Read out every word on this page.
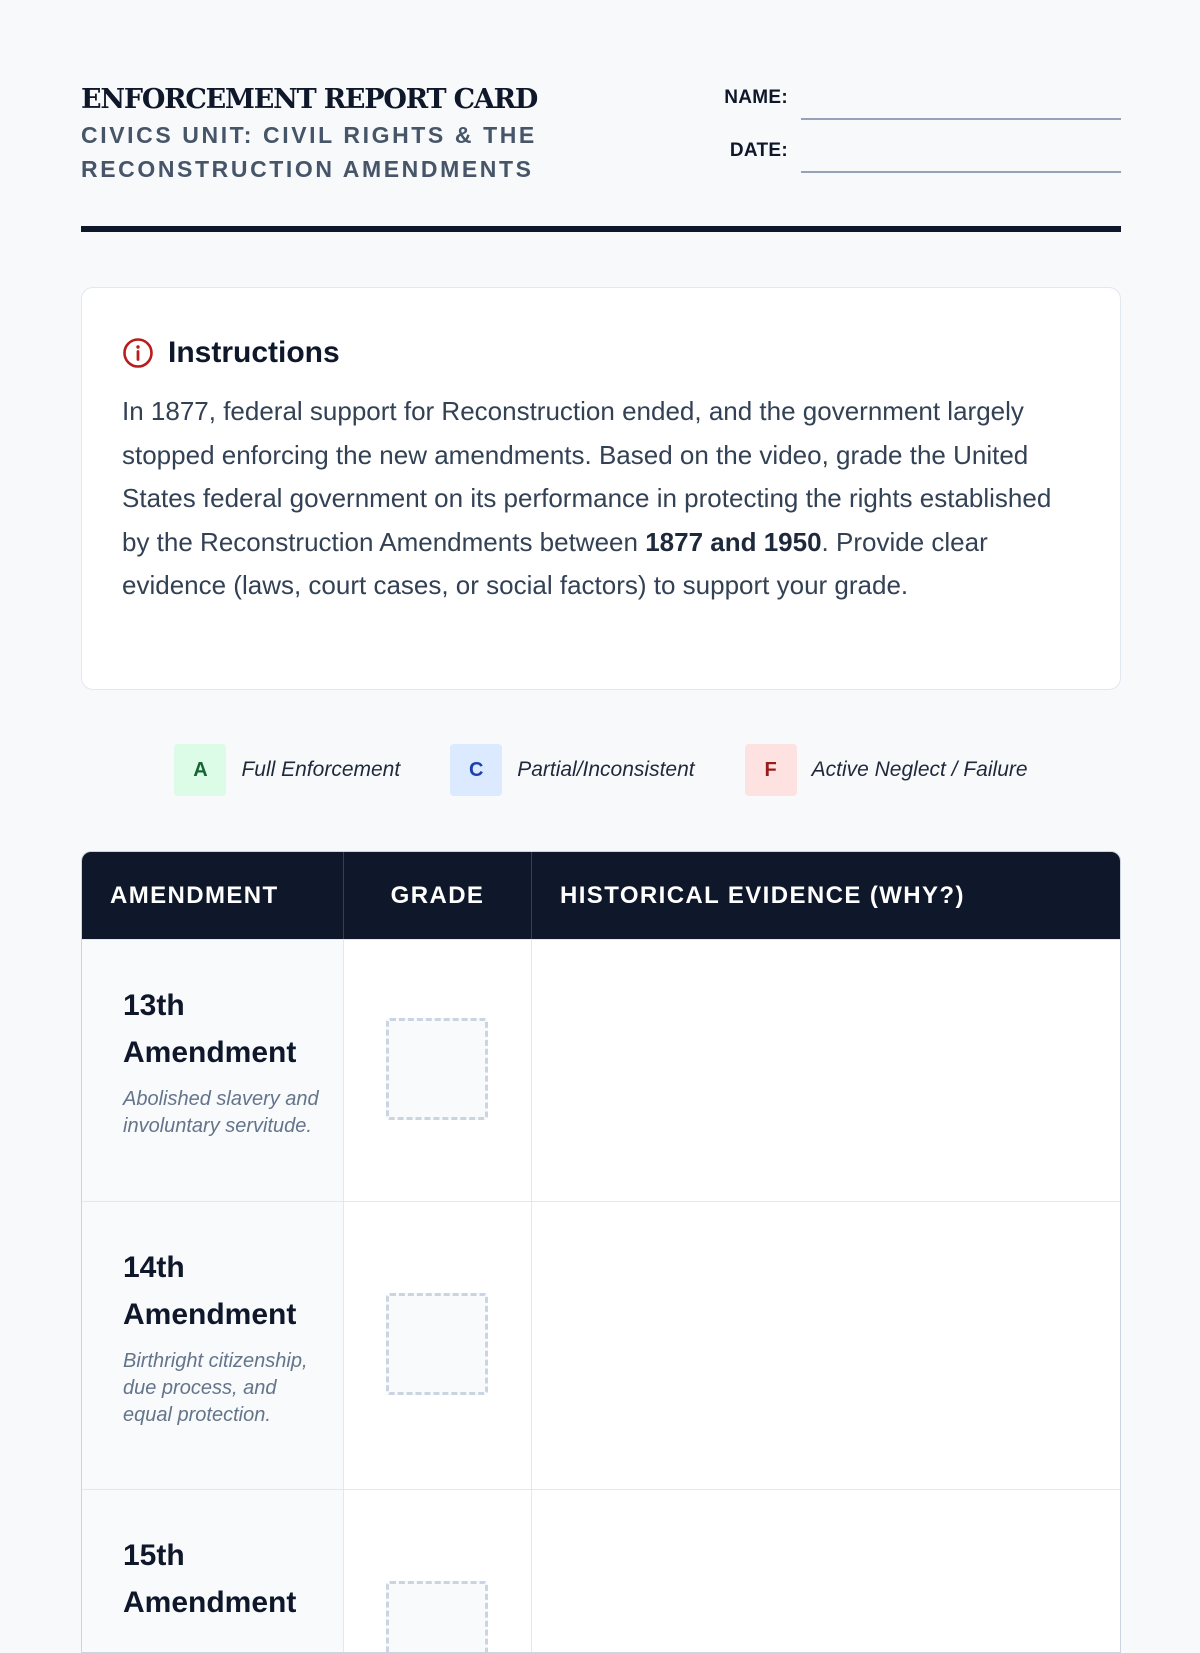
ENFORCEMENT REPORT CARD
CIVICS UNIT: CIVIL RIGHTS & THE RECONSTRUCTION AMENDMENTS
NAME:
DATE:
Instructions
In 1877, federal support for Reconstruction ended, and the government largely stopped enforcing the new amendments. Based on the video, grade the United States federal government on its performance in protecting the rights established by the Reconstruction Amendments between 1877 and 1950. Provide clear evidence (laws, court cases, or social factors) to support your grade.
A	Full Enforcement	C	Partial/Inconsistent	F	Active Neglect / Failure
AMENDMENT	GRADE	HISTORICAL EVIDENCE (WHY?)
13th Amendment
Abolished slavery and involuntary servitude.
14th Amendment
Birthright citizenship, due process, and equal protection.
15th Amendment
